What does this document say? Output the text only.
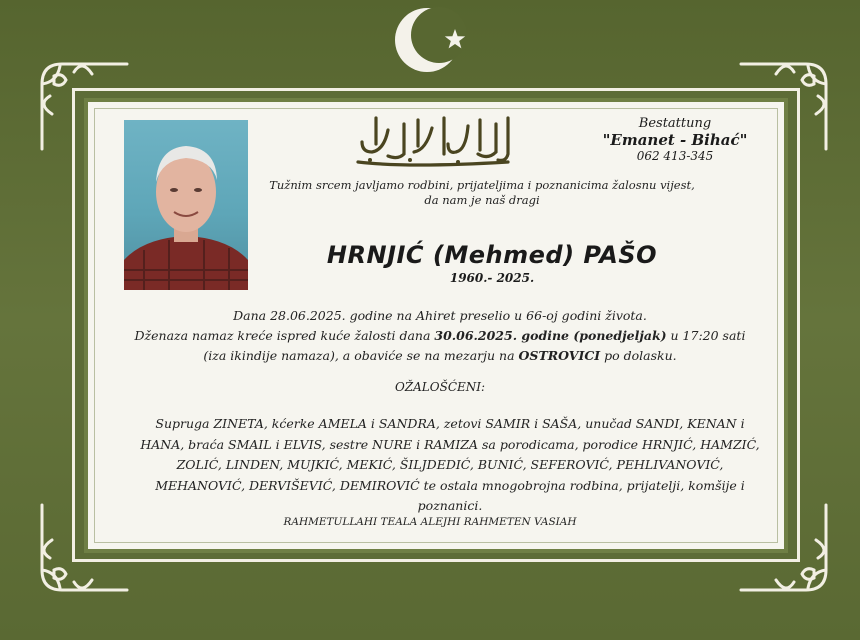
Bestattung
"Emanet - Bihać"
062 413-345
Tužnim srcem javljamo rodbini, prijateljima i poznanicima žalosnu vijest,
da nam je naš dragi
HRNJIĆ (Mehmed) PAŠO
1960.- 2025.
Dana 28.06.2025. godine na Ahiret preselio u 66-oj godini života.
Dženaza namaz kreće ispred kuće žalosti dana 30.06.2025. godine (ponedjeljak) u 17:20 sati
(iza ikindije namaza), a obaviće se na mezarju na OSTROVICI po dolasku.
OŽALOŠĆENI:
Supruga ZINETA, kćerke AMELA i SANDRA, zetovi SAMIR i SAŠA, unučad SANDI, KENAN i
HANA, braća SMAIL i ELVIS, sestre NURE i RAMIZA sa porodicama, porodice HRNJIĆ, HAMZIĆ,
ZOLIĆ, LINDEN, MUJKIĆ, MEKIĆ, ŠILJDEDIĆ, BUNIĆ, SEFEROVIĆ, PEHLIVANOVIĆ,
MEHANOVIĆ, DERVIŠEVIĆ, DEMIROVIĆ te ostala mnogobrojna rodbina, prijatelji, komšije i
poznanici.
RAHMETULLAHI TEALA ALEJHI RAHMETEN VASIAH
